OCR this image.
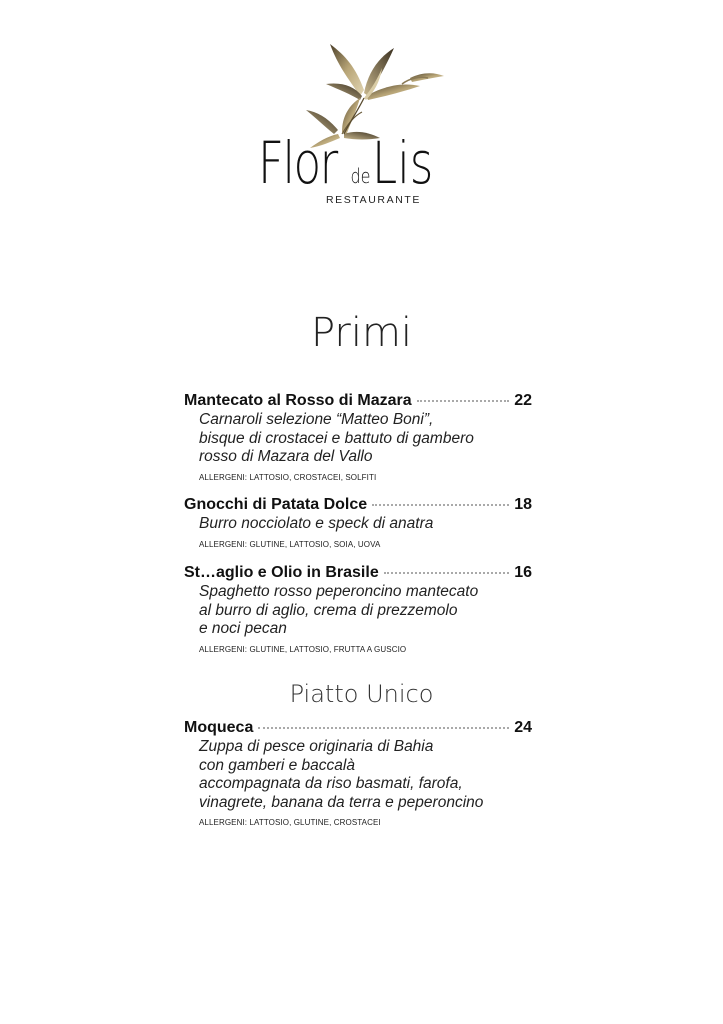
Flor de Lis
RESTAURANTE
Primi
Mantecato al Rosso di Mazara	22
Carnaroli selezione “Matteo Boni”,
bisque di crostacei e battuto di gambero
rosso di Mazara del Vallo
ALLERGENI: LATTOSIO, CROSTACEI, SOLFITI
Gnocchi di Patata Dolce	18
Burro nocciolato e speck di anatra
ALLERGENI: GLUTINE, LATTOSIO, SOIA, UOVA
St…aglio e Olio in Brasile	16
Spaghetto rosso peperoncino mantecato
al burro di aglio, crema di prezzemolo
e noci pecan
ALLERGENI: GLUTINE, LATTOSIO, FRUTTA A GUSCIO
Piatto Unico
Moqueca	24
Zuppa di pesce originaria di Bahia
con gamberi e baccalà
accompagnata da riso basmati, farofa,
vinagrete, banana da terra e peperoncino
ALLERGENI: LATTOSIO, GLUTINE, CROSTACEI
